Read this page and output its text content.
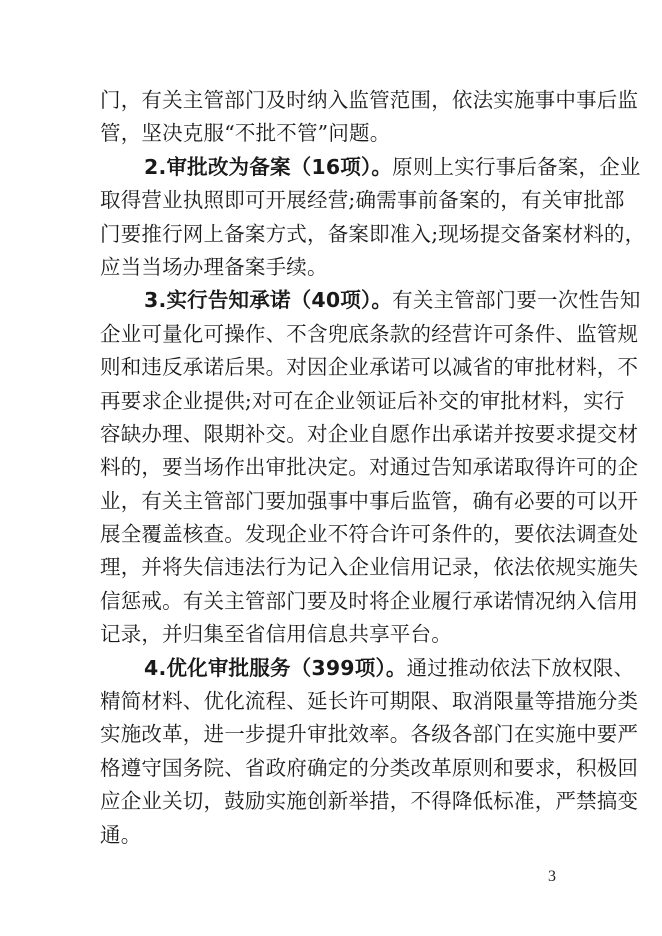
门，有关主管部门及时纳入监管范围，依法实施事中事后监
管，坚决克服“不批不管”问题。
2.审批改为备案（16项）。原则上实行事后备案，企业
取得营业执照即可开展经营;确需事前备案的，有关审批部
门要推行网上备案方式，备案即准入;现场提交备案材料的，
应当当场办理备案手续。
3.实行告知承诺（40项）。有关主管部门要一次性告知
企业可量化可操作、不含兜底条款的经营许可条件、监管规
则和违反承诺后果。对因企业承诺可以减省的审批材料，不
再要求企业提供;对可在企业领证后补交的审批材料，实行
容缺办理、限期补交。对企业自愿作出承诺并按要求提交材
料的，要当场作出审批决定。对通过告知承诺取得许可的企
业，有关主管部门要加强事中事后监管，确有必要的可以开
展全覆盖核查。发现企业不符合许可条件的，要依法调查处
理，并将失信违法行为记入企业信用记录，依法依规实施失
信惩戒。有关主管部门要及时将企业履行承诺情况纳入信用
记录，并归集至省信用信息共享平台。
4.优化审批服务（399项）。通过推动依法下放权限、
精简材料、优化流程、延长许可期限、取消限量等措施分类
实施改革，进一步提升审批效率。各级各部门在实施中要严
格遵守国务院、省政府确定的分类改革原则和要求，积极回
应企业关切，鼓励实施创新举措，不得降低标准，严禁搞变
通。
3
